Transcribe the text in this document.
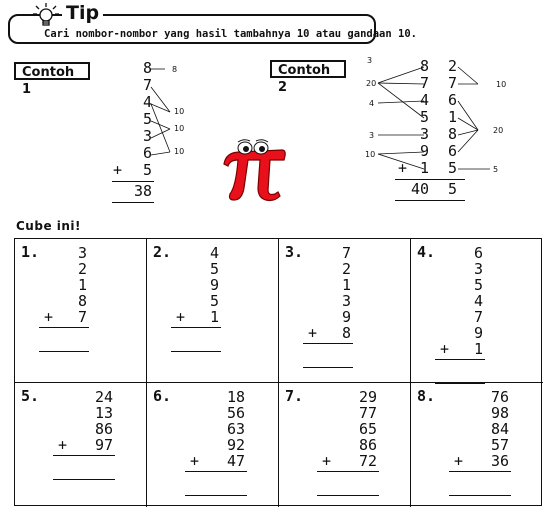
Tip
Cari nombor-nombor yang hasil tambahnya 10 atau gandaan 10.
Contoh 1
8
7
4
5
3
6
+	5
38
8
10
10
10
Contoh 2
8	2
7	7
4	6
5	1
3	8
9	6
+ 1	5
40	5
3
20
4
3
10
10
20
5
Cube ini!
1.	3
2
1
8
+	7
2.	4
5
9
5
+	1
3.	7
2
1
3
9
+	8
4.	6
3
5
4
7
9
+	1
5.	24
13
86
+	97
6.	18
56
63
92
+	47
7.	29
77
65
86
+	72
8.	76
98
84
57
+	36
